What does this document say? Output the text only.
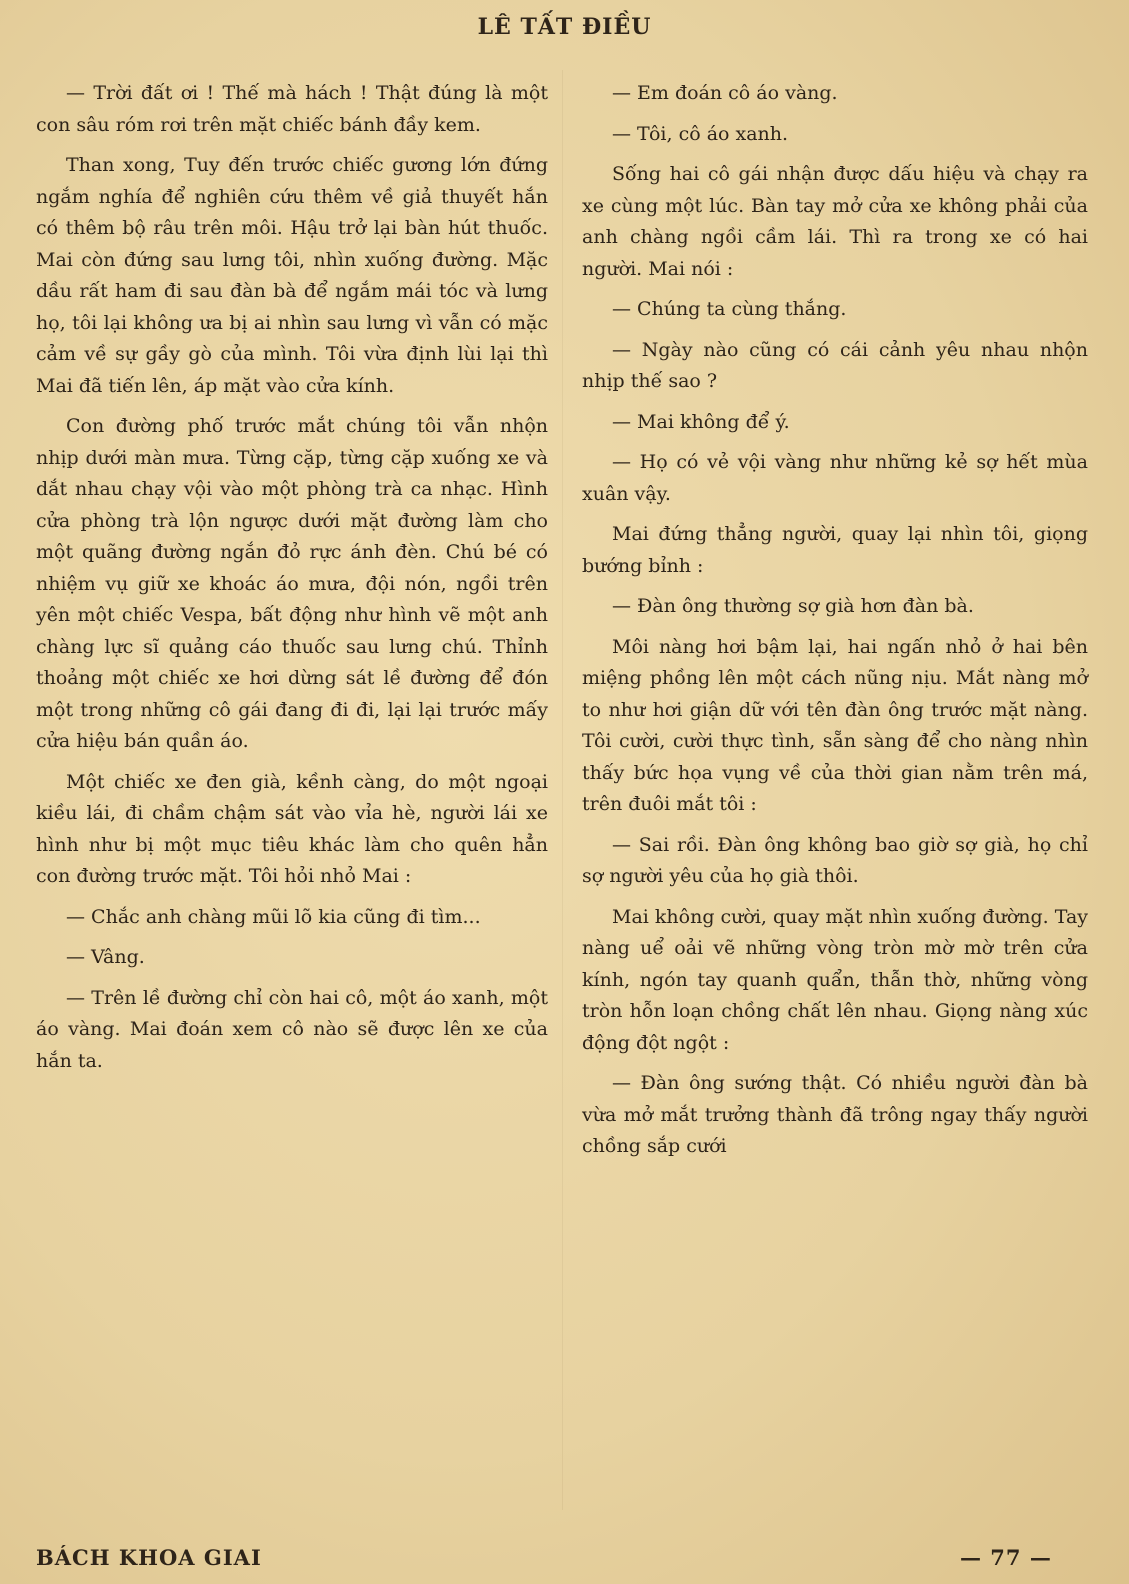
LÊ TẤT ĐIỀU

— Trời đất ơi ! Thế mà hách ! Thật đúng là một con sâu róm rơi trên mặt chiếc bánh đầy kem.

Than xong, Tuy đến trước chiếc gương lớn đứng ngắm nghía để nghiên cứu thêm về giả thuyết hắn có thêm bộ râu trên môi. Hậu trở lại bàn hút thuốc. Mai còn đứng sau lưng tôi, nhìn xuống đường. Mặc dầu rất ham đi sau đàn bà để ngắm mái tóc và lưng họ, tôi lại không ưa bị ai nhìn sau lưng vì vẫn có mặc cảm về sự gầy gò của mình. Tôi vừa định lùi lại thì Mai đã tiến lên, áp mặt vào cửa kính.

Con đường phố trước mắt chúng tôi vẫn nhộn nhịp dưới màn mưa. Từng cặp, từng cặp xuống xe và dắt nhau chạy vội vào một phòng trà ca nhạc. Hình cửa phòng trà lộn ngược dưới mặt đường làm cho một quãng đường ngắn đỏ rực ánh đèn. Chú bé có nhiệm vụ giữ xe khoác áo mưa, đội nón, ngồi trên yên một chiếc Vespa, bất động như hình vẽ một anh chàng lực sĩ quảng cáo thuốc sau lưng chú. Thỉnh thoảng một chiếc xe hơi dừng sát lề đường để đón một trong những cô gái đang đi đi, lại lại trước mấy cửa hiệu bán quần áo.

Một chiếc xe đen già, kềnh càng, do một ngoại kiều lái, đi chầm chậm sát vào vỉa hè, người lái xe hình như bị một mục tiêu khác làm cho quên hẳn con đường trước mặt. Tôi hỏi nhỏ Mai :

— Chắc anh chàng mũi lõ kia cũng đi tìm...

— Vâng.

— Trên lề đường chỉ còn hai cô, một áo xanh, một áo vàng. Mai đoán xem cô nào sẽ được lên xe của hắn ta.

— Em đoán cô áo vàng.

— Tôi, cô áo xanh.

Sống hai cô gái nhận được dấu hiệu và chạy ra xe cùng một lúc. Bàn tay mở cửa xe không phải của anh chàng ngồi cầm lái. Thì ra trong xe có hai người. Mai nói :

— Chúng ta cùng thắng.

— Ngày nào cũng có cái cảnh yêu nhau nhộn nhịp thế sao ?

— Mai không để ý.

— Họ có vẻ vội vàng như những kẻ sợ hết mùa xuân vậy.

Mai đứng thẳng người, quay lại nhìn tôi, giọng bướng bỉnh :

— Đàn ông thường sợ già hơn đàn bà.

Môi nàng hơi bậm lại, hai ngấn nhỏ ở hai bên miệng phồng lên một cách nũng nịu. Mắt nàng mở to như hơi giận dữ với tên đàn ông trước mặt nàng. Tôi cười, cười thực tình, sẵn sàng để cho nàng nhìn thấy bức họa vụng về của thời gian nằm trên má, trên đuôi mắt tôi :

— Sai rồi. Đàn ông không bao giờ sợ già, họ chỉ sợ người yêu của họ già thôi.

Mai không cười, quay mặt nhìn xuống đường. Tay nàng uể oải vẽ những vòng tròn mờ mờ trên cửa kính, ngón tay quanh quẩn, thẫn thờ, những vòng tròn hỗn loạn chồng chất lên nhau. Giọng nàng xúc động đột ngột :

— Đàn ông sướng thật. Có nhiều người đàn bà vừa mở mắt trưởng thành đã trông ngay thấy người chồng sắp cưới

BÁCH KHOA GIAI	— 77 —
